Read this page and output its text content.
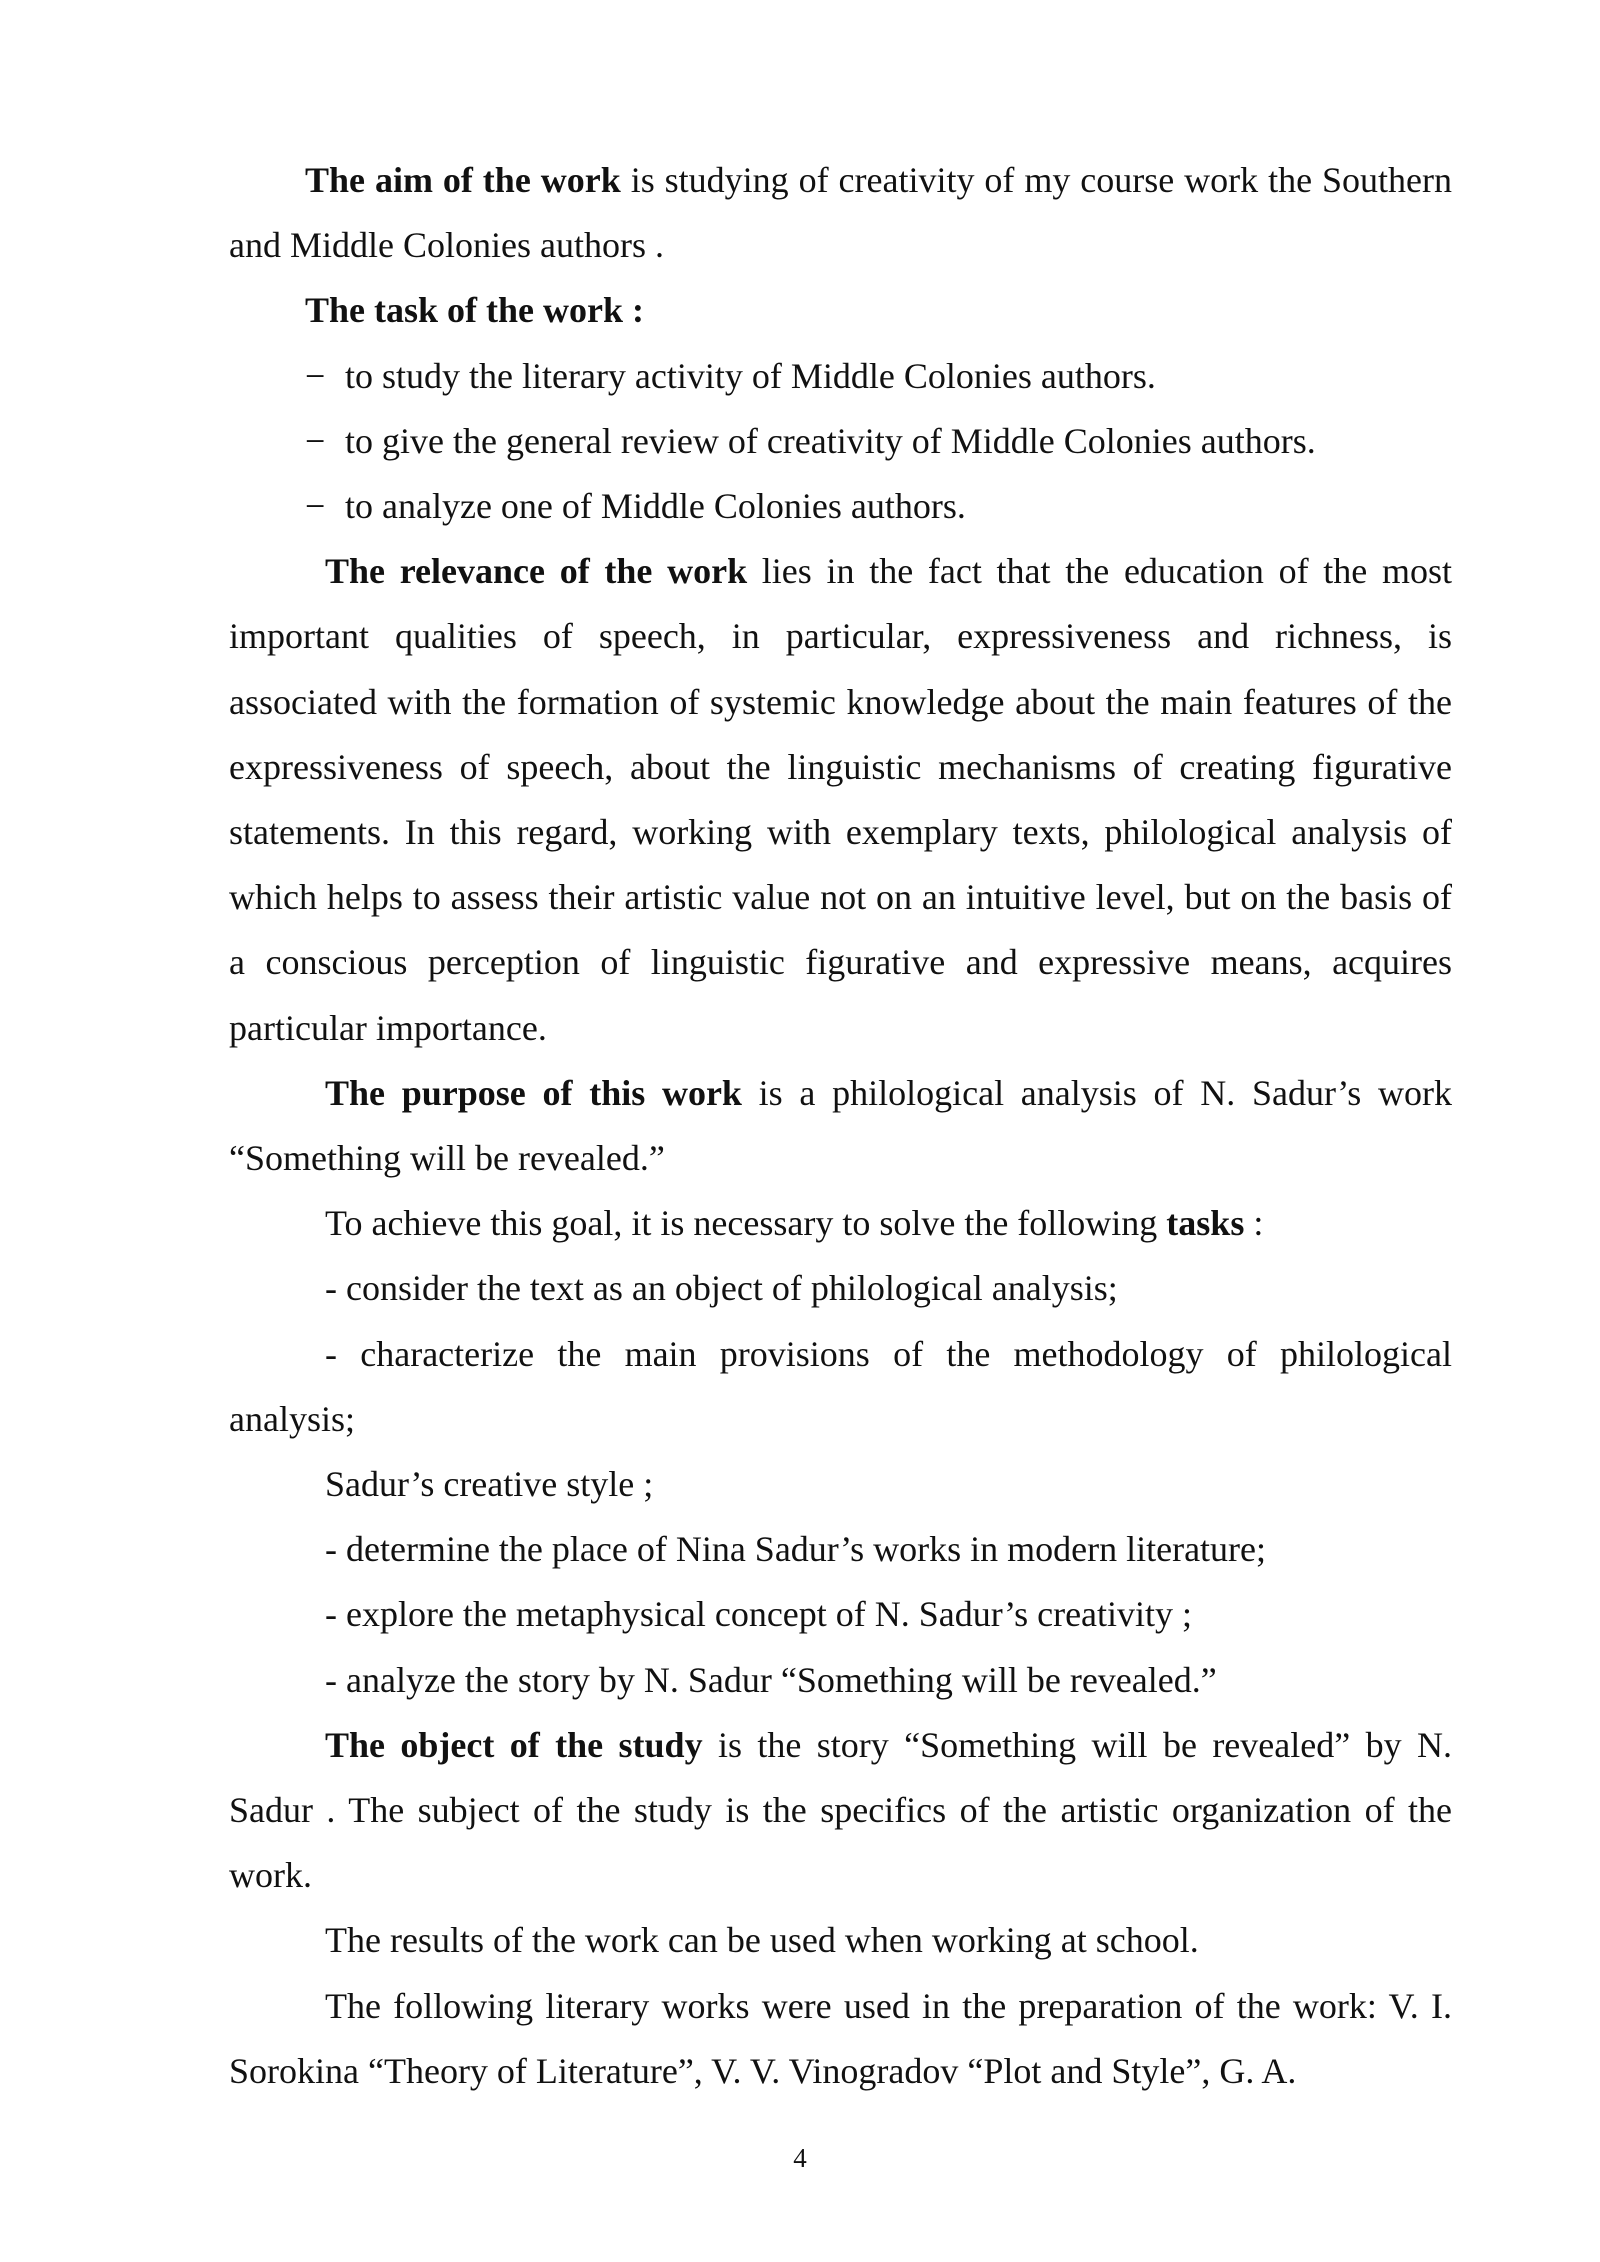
The aim of the work is studying of creativity of my course work the Southern and Middle Colonies authors .

The task of the work :

− to study the literary activity of Middle Colonies authors.

− to give the general review of creativity of Middle Colonies authors.

− to analyze one of Middle Colonies authors.

The relevance of the work lies in the fact that the education of the most important qualities of speech, in particular, expressiveness and richness, is associated with the formation of systemic knowledge about the main features of the expressiveness of speech, about the linguistic mechanisms of creating figurative statements. In this regard, working with exemplary texts, philological analysis of which helps to assess their artistic value not on an intuitive level, but on the basis of a conscious perception of linguistic figurative and expressive means, acquires particular importance.

The purpose of this work is a philological analysis of N. Sadur’s work “Something will be revealed.”

To achieve this goal, it is necessary to solve the following tasks :

- consider the text as an object of philological analysis;

- characterize the main provisions of the methodology of philological analysis;

Sadur’s creative style ;

- determine the place of Nina Sadur’s works in modern literature;

- explore the metaphysical concept of N. Sadur’s creativity ;

- analyze the story by N. Sadur “Something will be revealed.”

The object of the study is the story “Something will be revealed” by N. Sadur . The subject of the study is the specifics of the artistic organization of the work.

The results of the work can be used when working at school.

The following literary works were used in the preparation of the work: V. I. Sorokina “Theory of Literature”, V. V. Vinogradov “Plot and Style”, G. A.

4
